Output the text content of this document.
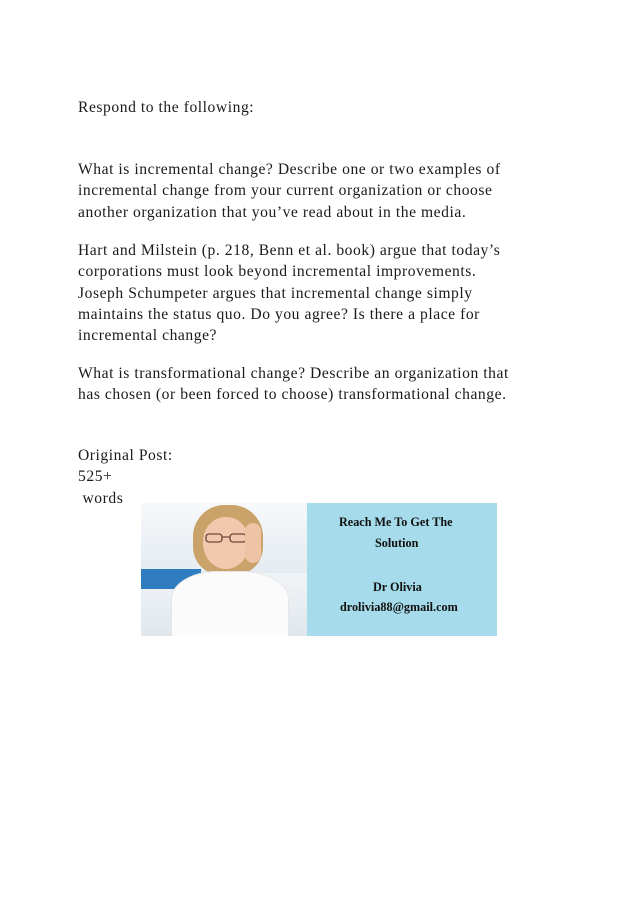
Respond to the following:
What is incremental change? Describe one or two examples of
incremental change from your current organization or choose
another organization that you’ve read about in the media.
Hart and Milstein (p. 218, Benn et al. book) argue that today’s
corporations must look beyond incremental improvements.
Joseph Schumpeter argues that incremental change simply
maintains the status quo. Do you agree? Is there a place for
incremental change?
What is transformational change? Describe an organization that
has chosen (or been forced to choose) transformational change.
Original Post:
525+
words
Reach Me To Get The
Solution
Dr Olivia
drolivia88@gmail.com
